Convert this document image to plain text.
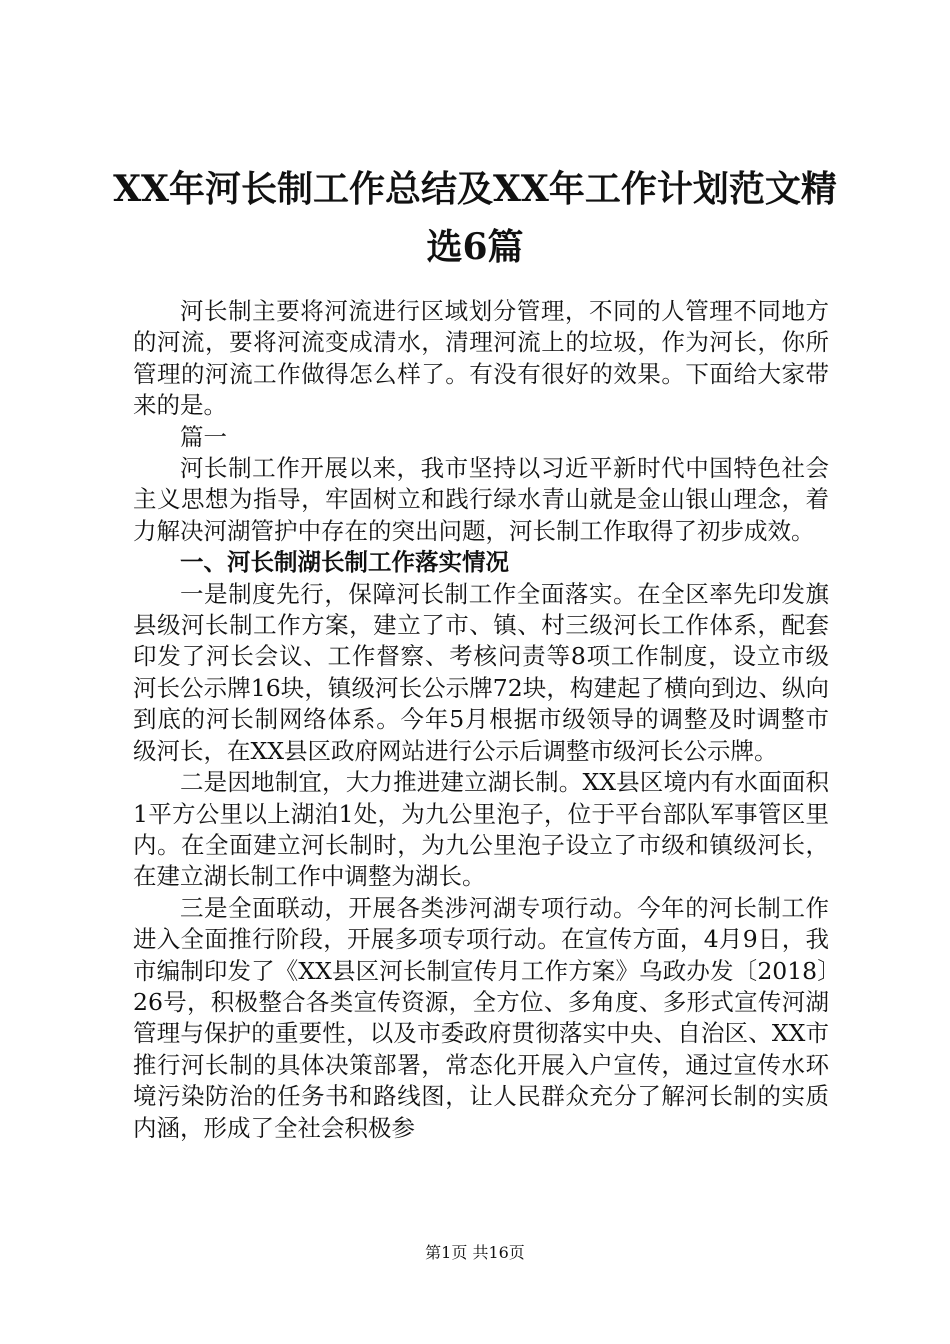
XX年河长制工作总结及XX年工作计划范文精选6篇

河长制主要将河流进行区域划分管理，不同的人管理不同地方的河流，要将河流变成清水，清理河流上的垃圾，作为河长，你所管理的河流工作做得怎么样了。有没有很好的效果。下面给大家带来的是。

篇一

河长制工作开展以来，我市坚持以习近平新时代中国特色社会主义思想为指导，牢固树立和践行绿水青山就是金山银山理念，着力解决河湖管护中存在的突出问题，河长制工作取得了初步成效。

一、河长制湖长制工作落实情况

一是制度先行，保障河长制工作全面落实。在全区率先印发旗县级河长制工作方案，建立了市、镇、村三级河长工作体系，配套印发了河长会议、工作督察、考核问责等8项工作制度，设立市级河长公示牌16块，镇级河长公示牌72块，构建起了横向到边、纵向到底的河长制网络体系。今年5月根据市级领导的调整及时调整市级河长，在XX县区政府网站进行公示后调整市级河长公示牌。

二是因地制宜，大力推进建立湖长制。XX县区境内有水面面积1平方公里以上湖泊1处，为九公里泡子，位于平台部队军事管区里内。在全面建立河长制时，为九公里泡子设立了市级和镇级河长，在建立湖长制工作中调整为湖长。

三是全面联动，开展各类涉河湖专项行动。今年的河长制工作进入全面推行阶段，开展多项专项行动。在宣传方面，4月9日，我市编制印发了《XX县区河长制宣传月工作方案》乌政办发〔2018〕26号，积极整合各类宣传资源，全方位、多角度、多形式宣传河湖管理与保护的重要性，以及市委政府贯彻落实中央、自治区、XX市推行河长制的具体决策部署，常态化开展入户宣传，通过宣传水环境污染防治的任务书和路线图，让人民群众充分了解河长制的实质内涵，形成了全社会积极参

第1页 共16页
